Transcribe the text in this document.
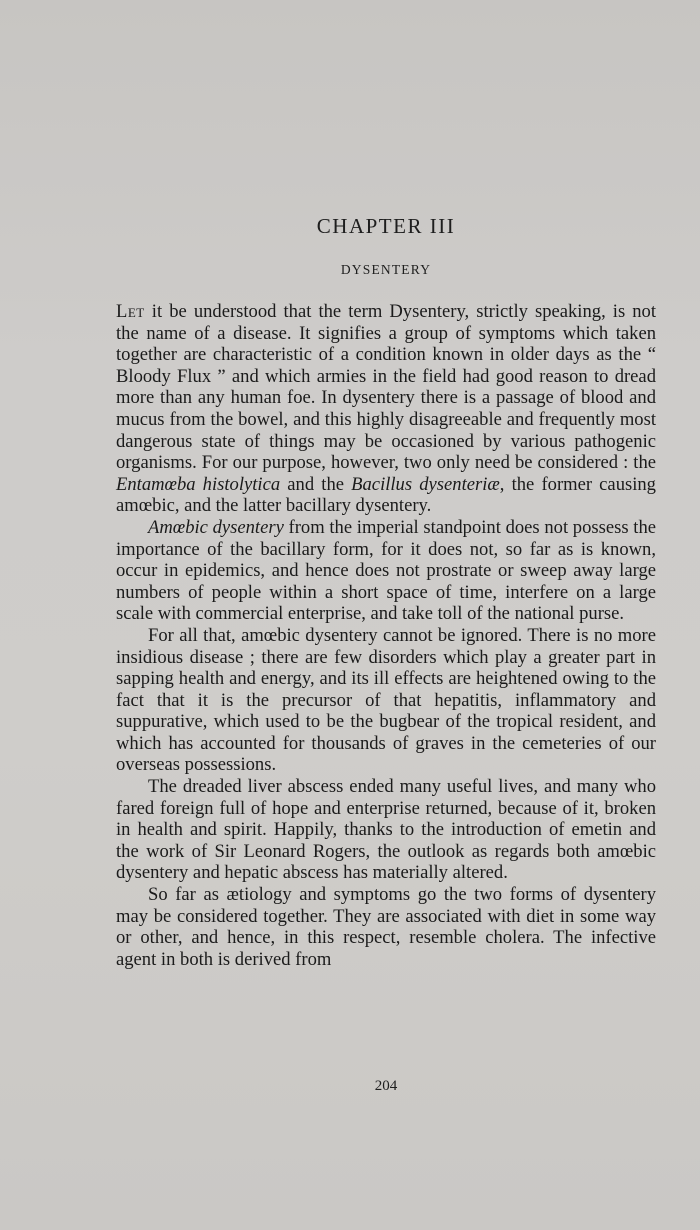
CHAPTER III
DYSENTERY

Let it be understood that the term Dysentery, strictly speaking, is not the name of a disease. It signifies a group of symptoms which taken together are characteristic of a condition known in older days as the “ Bloody Flux ” and which armies in the field had good reason to dread more than any human foe. In dysentery there is a passage of blood and mucus from the bowel, and this highly disagreeable and frequently most dangerous state of things may be occasioned by various pathogenic organisms. For our purpose, however, two only need be considered : the Entamœba histolytica and the Bacillus dysenteriæ, the former causing amœbic, and the latter bacillary dysentery.

Amœbic dysentery from the imperial standpoint does not possess the importance of the bacillary form, for it does not, so far as is known, occur in epidemics, and hence does not prostrate or sweep away large numbers of people within a short space of time, interfere on a large scale with commercial enterprise, and take toll of the national purse.

For all that, amœbic dysentery cannot be ignored. There is no more insidious disease ; there are few disorders which play a greater part in sapping health and energy, and its ill effects are heightened owing to the fact that it is the precursor of that hepatitis, inflammatory and suppurative, which used to be the bugbear of the tropical resident, and which has accounted for thousands of graves in the cemeteries of our overseas possessions.

The dreaded liver abscess ended many useful lives, and many who fared foreign full of hope and enterprise returned, because of it, broken in health and spirit. Happily, thanks to the introduction of emetin and the work of Sir Leonard Rogers, the outlook as regards both amœbic dysentery and hepatic abscess has materially altered.

So far as ætiology and symptoms go the two forms of dysentery may be considered together. They are associated with diet in some way or other, and hence, in this respect, resemble cholera. The infective agent in both is derived from

204
